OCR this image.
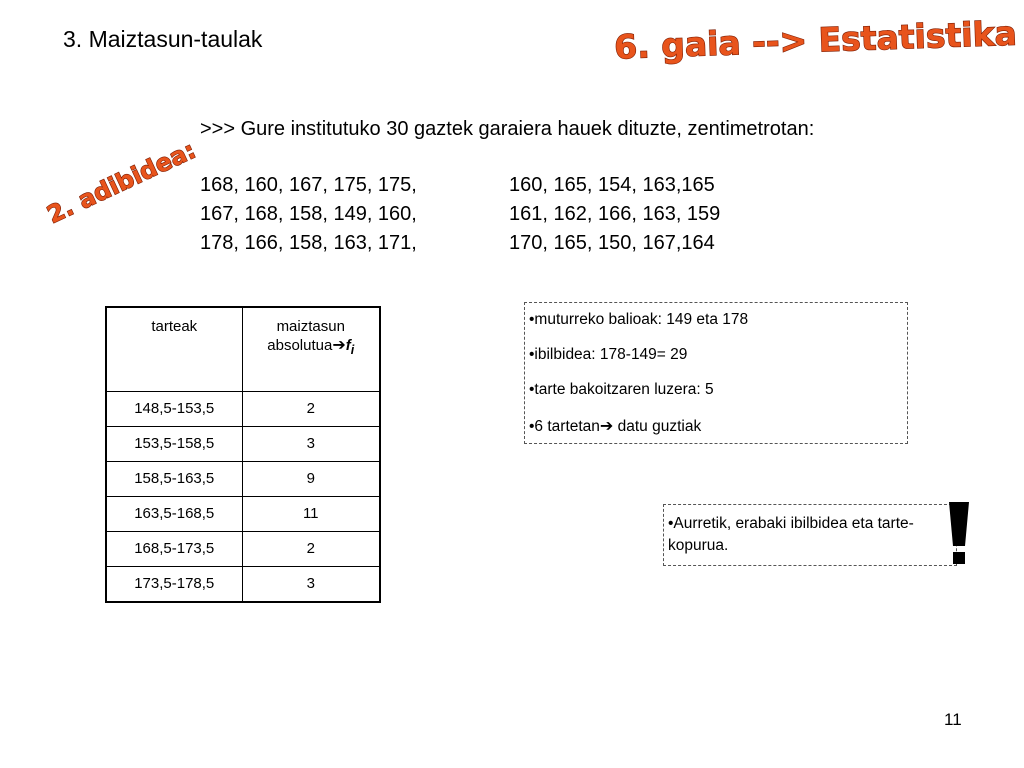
3. Maiztasun-taulak	6. gaia --> Estatistika
2. adibidea:
>>> Gure institutuko 30 gaztek garaiera hauek dituzte, zentimetrotan:
168, 160, 167, 175, 175,	160, 165, 154, 163,165
167, 168, 158, 149, 160,	161, 162, 166, 163, 159
178, 166, 158, 163, 171,	170, 165, 150, 167,164
tarteak	maiztasun
$absolutua➔f_i$
148,5-153,5	2
153,5-158,5	3
158,5-163,5	9
163,5-168,5	11
168,5-173,5	2
173,5-178,5	3
•muturreko balioak: 149 eta 178
•ibilbidea: 178-149= 29
•tarte bakoitzaren luzera: 5
•6 tartetan➔ datu guztiak
•Aurretik, erabaki ibilbidea eta tarte-kopurua.
11
